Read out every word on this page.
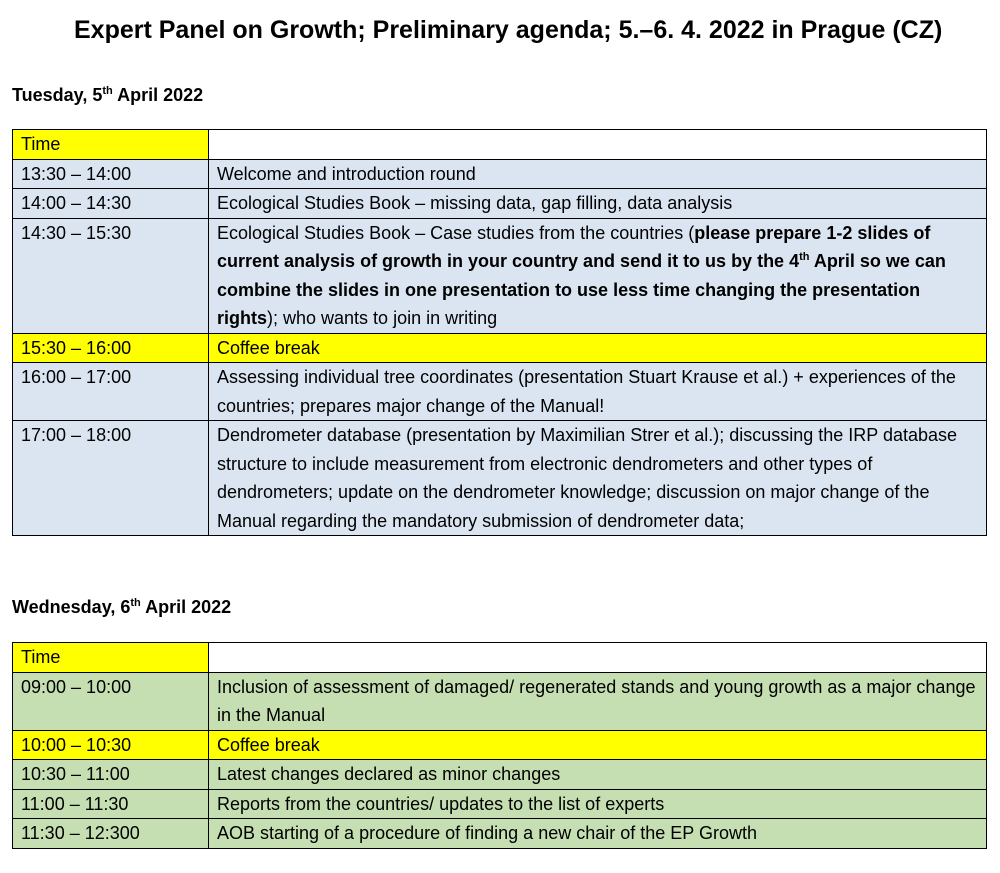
Expert Panel on Growth; Preliminary agenda; 5.–6. 4. 2022 in Prague (CZ)
Tuesday, 5th April 2022
Time	
13:30 – 14:00	Welcome and introduction round
14:00 – 14:30	Ecological Studies Book – missing data, gap filling, data analysis
14:30 – 15:30	Ecological Studies Book – Case studies from the countries (please prepare 1-2 slides of current analysis of growth in your country and send it to us by the 4th April so we can combine the slides in one presentation to use less time changing the presentation rights); who wants to join in writing
15:30 – 16:00	Coffee break
16:00 – 17:00	Assessing individual tree coordinates (presentation Stuart Krause et al.) + experiences of the countries; prepares major change of the Manual!
17:00 – 18:00	Dendrometer database (presentation by Maximilian Strer et al.); discussing the IRP database structure to include measurement from electronic dendrometers and other types of dendrometers; update on the dendrometer knowledge; discussion on major change of the Manual regarding the mandatory submission of dendrometer data;
Wednesday, 6th April 2022
Time	
09:00 – 10:00	Inclusion of assessment of damaged/ regenerated stands and young growth as a major change in the Manual
10:00 – 10:30	Coffee break
10:30 – 11:00	Latest changes declared as minor changes
11:00 – 11:30	Reports from the countries/ updates to the list of experts
11:30 – 12:300	AOB starting of a procedure of finding a new chair of the EP Growth
